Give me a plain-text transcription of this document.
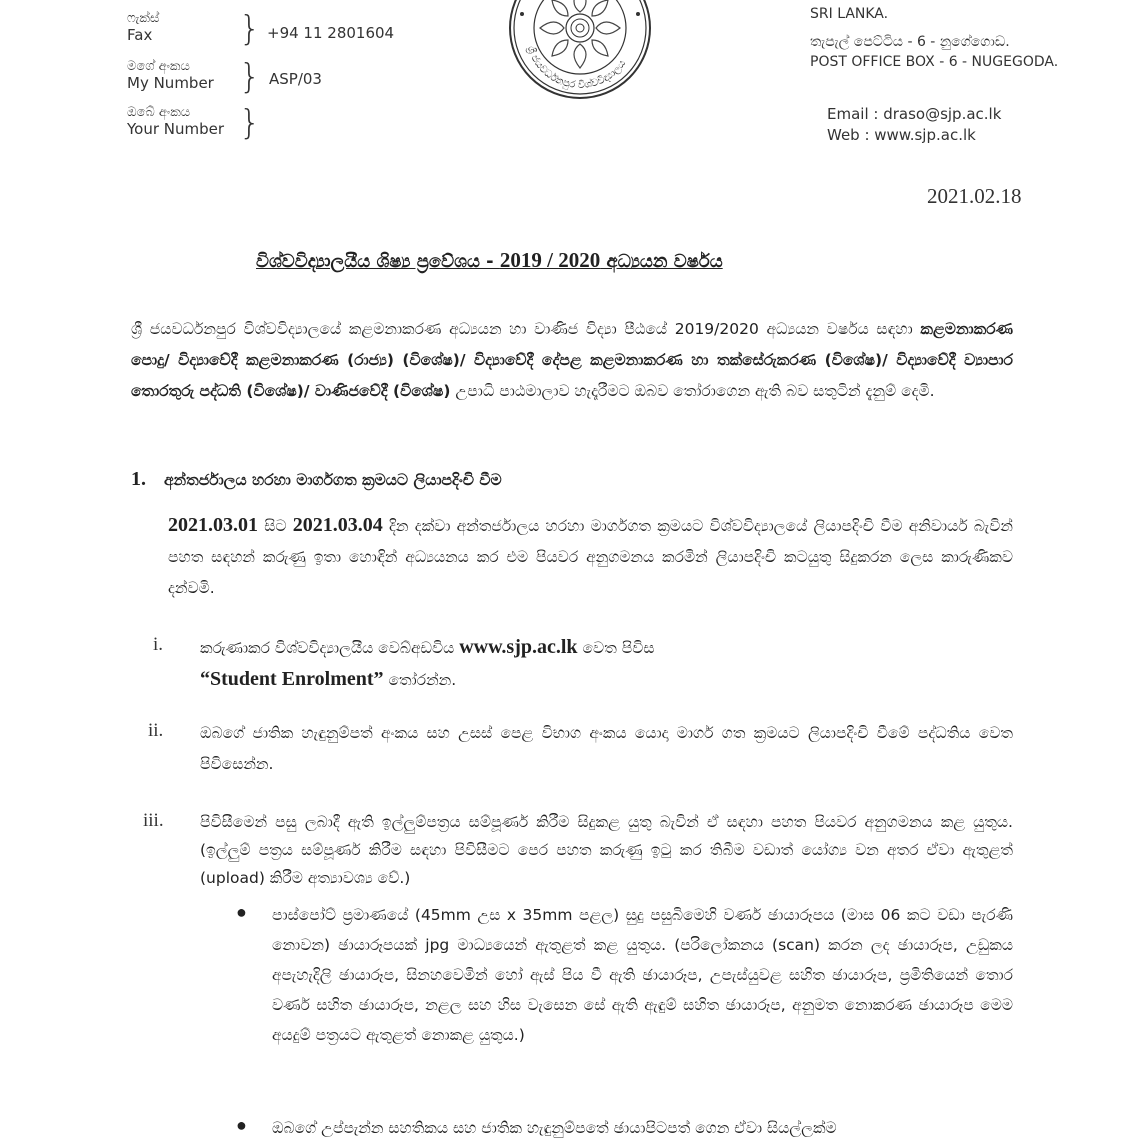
ෆැක්ස්
Fax	} +94 11 2801604
මගේ අංකය
My Number } ASP/03
ඔබේ අංකය
Your Number }
ශ්‍රී ජයවර්ධනපුර විශ්වවිද්‍යාලය
SRI LANKA.
තැපැල් පෙට්ටිය - 6 - නුගේගොඩ.
POST OFFICE BOX - 6 - NUGEGODA.
Email : draso@sjp.ac.lk
Web : www.sjp.ac.lk
2021.02.18
විශ්වවිද්‍යාලයීය ශිෂ්‍ය ප්‍රවේශය - 2019 / 2020 අධ්‍යයන වර්ෂය
ශ්‍රී ජයවර්ධනපුර විශ්වවිද්‍යාලයේ කළමනාකරණ අධ්‍යයන හා වාණිජ විද්‍යා පීඨයේ 2019/2020 අධ්‍යයන වර්ෂය සඳහා කළමනාකරණ පොදු/ විද්‍යාවේදී කළමනාකරණ (රාජ්‍ය) (විශේෂ)/ විද්‍යාවේදී දේපළ කළමනාකරණ හා තක්සේරුකරණ (විශේෂ)/ විද්‍යාවේදී ව්‍යාපාර තොරතුරු පද්ධති (විශේෂ)/ වාණිජවේදී (විශේෂ) උපාධි පාඨමාලාව හැදෑරීමට ඔබව තෝරාගෙන ඇති බව සතුටින් දැනුම් දෙමි.
1. අන්තර්ජාලය හරහා මාර්ගගත ක්‍රමයට ලියාපදිංචි වීම
2021.03.01 සිට 2021.03.04 දින දක්වා අන්තර්ජාලය හරහා මාර්ගගත ක්‍රමයට විශ්වවිද්‍යාලයේ ලියාපදිංචි වීම අනිවාර්ය බැවින් පහත සඳහන් කරුණු ඉතා හොඳින් අධ්‍යයනය කර එම පියවර අනුගමනය කරමින් ලියාපදිංචි කටයුතු සිදුකරන ලෙස කාරුණිකව දන්වමි.
i. කරුණාකර විශ්වවිද්‍යාලයීය වෙබ්අඩවිය www.sjp.ac.lk වෙත පිවිස
“Student Enrolment” තෝරන්න.
ii. ඔබගේ ජාතික හැඳුනුම්පත් අංකය සහ උසස් පෙළ විභාග අංකය යොදා මාර්ග ගත ක්‍රමයට ලියාපදිංචි වීමේ පද්ධතිය වෙත පිවිසෙන්න.
iii. පිවිසීමෙන් පසු ලබාදී ඇති ඉල්ලුම්පත්‍රය සම්පූර්ණ කිරීම සිදුකළ යුතු බැවින් ඒ සඳහා පහත පියවර අනුගමනය කළ යුතුය. (ඉල්ලුම් පත්‍රය සම්පූර්ණ කිරීම සඳහා පිවිසීමට පෙර පහත කරුණු ඉටු කර තිබීම වඩාත් යෝග්‍ය වන අතර ඒවා ඇතුළත් (upload) කිරීම අත්‍යාවශ්‍ය වේ.)
● පාස්පෝට් ප්‍රමාණයේ (45mm උස x 35mm පළල) සුදු පසුබිමෙහි වර්ණ ඡායාරූපය (මාස 06 කට වඩා පැරණි නොවන) ඡායාරූපයක් jpg මාධ්‍යයෙන් ඇතුළත් කළ යුතුය. (පරිලෝකනය (scan) කරන ලද ඡායාරූප, උඩුකය අපැහැදිලි ඡායාරූප, සිනහවෙමින් හෝ ඇස් පිය වී ඇති ඡායාරූප, උපැස්යුවළ සහිත ඡායාරූප, ප්‍රමිතියෙන් තොර වර්ණ සහිත ඡායාරූප, නළල සහ හිස වැසෙන සේ ඇති ඇඳුම් සහිත ඡායාරූප, අනුමත නොකරණ ඡායාරූප මෙම අයදුම් පත්‍රයට ඇතුළත් නොකළ යුතුය.)
● ඔබගේ උප්පැන්න සහතිකය සහ ජාතික හැඳුනුම්පතේ ඡායාපිටපත් ගෙන ඒවා සියල්ලක්ම
